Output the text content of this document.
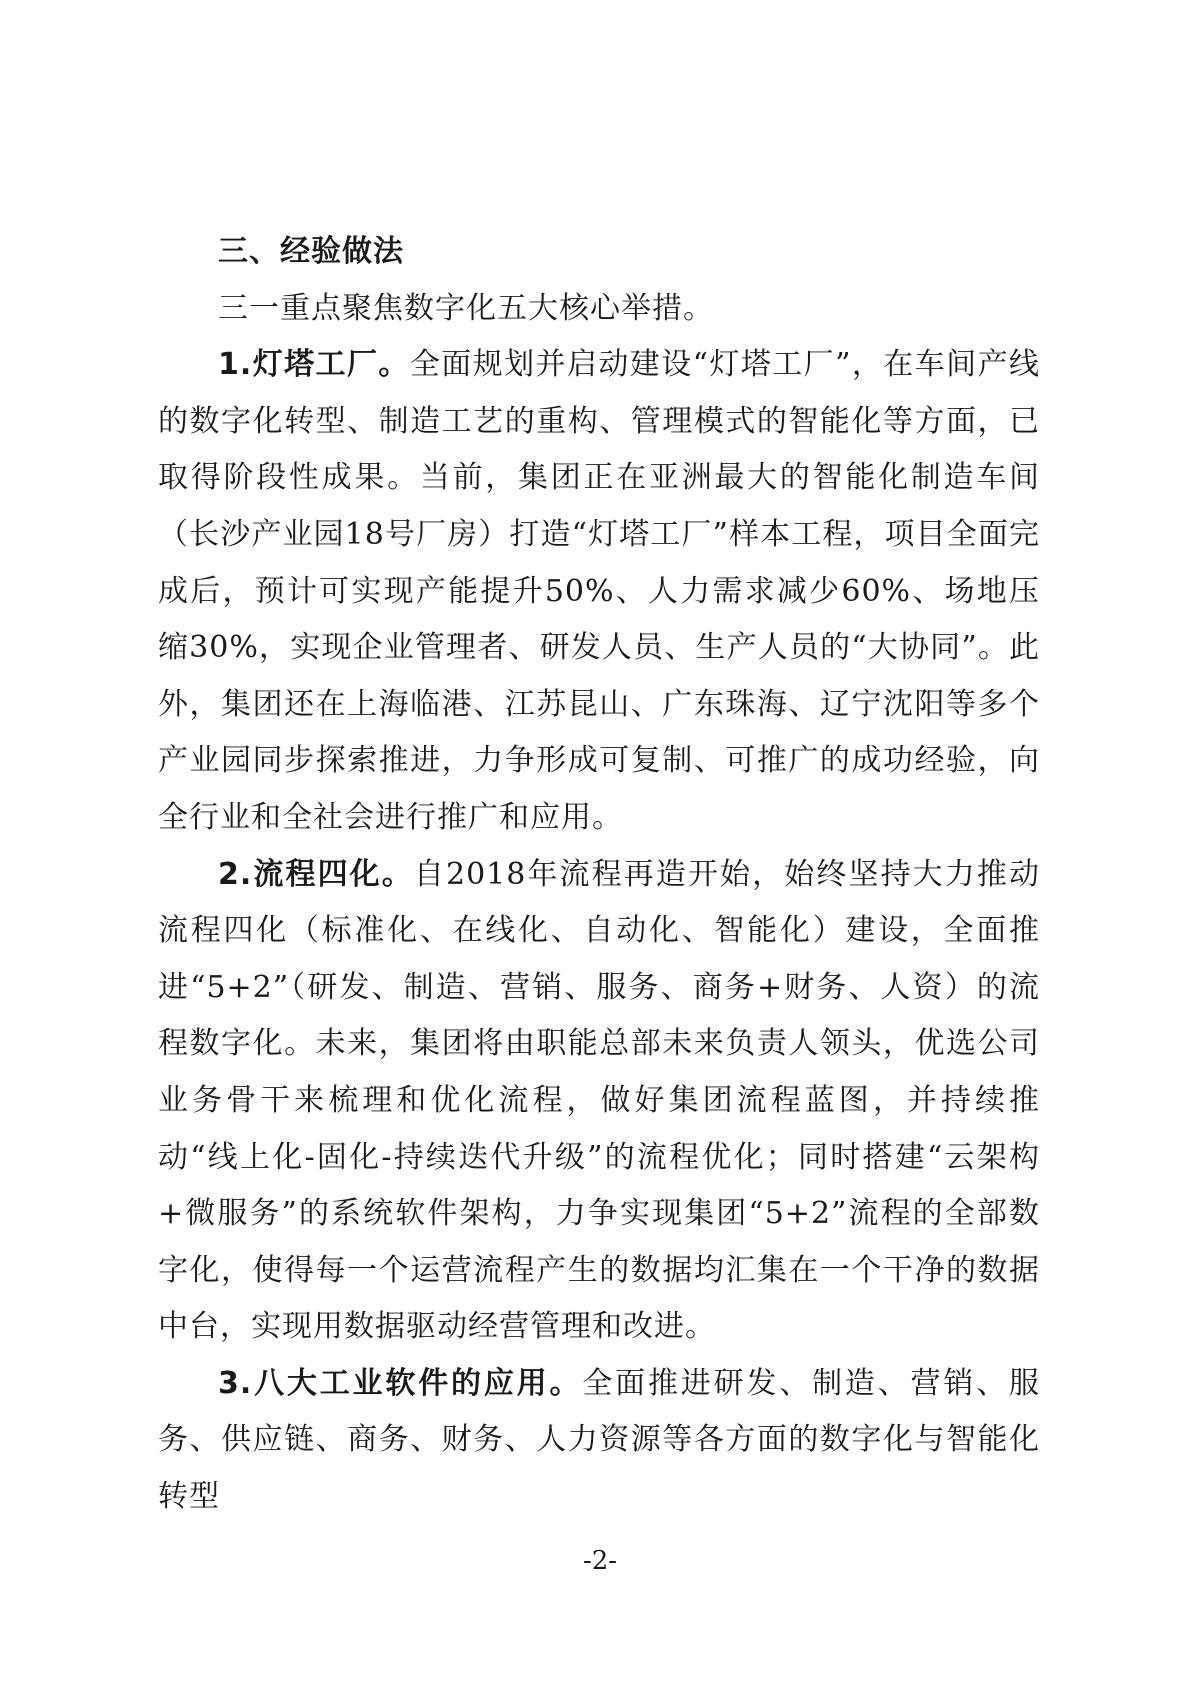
三、经验做法

三一重点聚焦数字化五大核心举措。

1.灯塔工厂。全面规划并启动建设“灯塔工厂”，在车间产线的数字化转型、制造工艺的重构、管理模式的智能化等方面，已取得阶段性成果。当前，集团正在亚洲最大的智能化制造车间（长沙产业园18号厂房）打造“灯塔工厂”样本工程，项目全面完成后，预计可实现产能提升50%、人力需求减少60%、场地压缩30%，实现企业管理者、研发人员、生产人员的“大协同”。此外，集团还在上海临港、江苏昆山、广东珠海、辽宁沈阳等多个产业园同步探索推进，力争形成可复制、可推广的成功经验，向全行业和全社会进行推广和应用。

2.流程四化。自2018年流程再造开始，始终坚持大力推动流程四化（标准化、在线化、自动化、智能化）建设，全面推进“5+2”（研发、制造、营销、服务、商务+财务、人资）的流程数字化。未来，集团将由职能总部未来负责人领头，优选公司业务骨干来梳理和优化流程，做好集团流程蓝图，并持续推动“线上化-固化-持续迭代升级”的流程优化；同时搭建“云架构+微服务”的系统软件架构，力争实现集团“5+2”流程的全部数字化，使得每一个运营流程产生的数据均汇集在一个干净的数据中台，实现用数据驱动经营管理和改进。

3.八大工业软件的应用。全面推进研发、制造、营销、服务、供应链、商务、财务、人力资源等各方面的数字化与智能化转型

-2-
